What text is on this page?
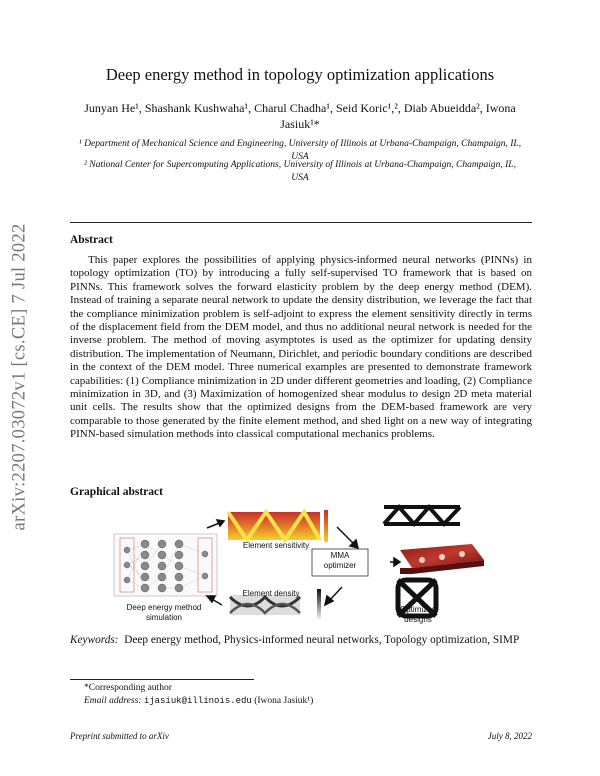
arXiv:2207.03072v1 [cs.CE] 7 Jul 2022
Deep energy method in topology optimization applications
Junyan He¹, Shashank Kushwaha¹, Charul Chadha¹, Seid Koric¹,², Diab Abueidda², Iwona
Jasiuk¹*
¹ Department of Mechanical Science and Engineering, University of Illinois at Urbana-Champaign, Champaign, IL,
USA
² National Center for Supercomputing Applications, University of Illinois at Urbana-Champaign, Champaign, IL,
USA
Abstract
This paper explores the possibilities of applying physics-informed neural networks (PINNs) in topology optimization (TO) by introducing a fully self-supervised TO framework that is based on PINNs. This framework solves the forward elasticity problem by the deep energy method (DEM). Instead of training a separate neural network to update the density distribution, we leverage the fact that the compliance minimization problem is self-adjoint to express the element sensitivity directly in terms of the displacement field from the DEM model, and thus no additional neural network is needed for the inverse problem. The method of moving asymptotes is used as the optimizer for updating density distribution. The implementation of Neumann, Dirichlet, and periodic boundary conditions are described in the context of the DEM model. Three numerical examples are presented to demonstrate framework capabilities: (1) Compliance minimization in 2D under different geometries and loading, (2) Compliance minimization in 3D, and (3) Maximization of homogenized shear modulus to design 2D meta material unit cells. The results show that the optimized designs from the DEM-based framework are very comparable to those generated by the finite element method, and shed light on a new way of integrating PINN-based simulation methods into classical computational mechanics problems.
Graphical abstract
Element sensitivity
MMA
optimizer
Element density
Deep energy method
simulation
Optimized
designs
Keywords: Deep energy method, Physics-informed neural networks, Topology optimization, SIMP
*Corresponding author
Email address: ijasiuk@illinois.edu (Iwona Jasiuk¹)
Preprint submitted to arXiv	July 8, 2022
